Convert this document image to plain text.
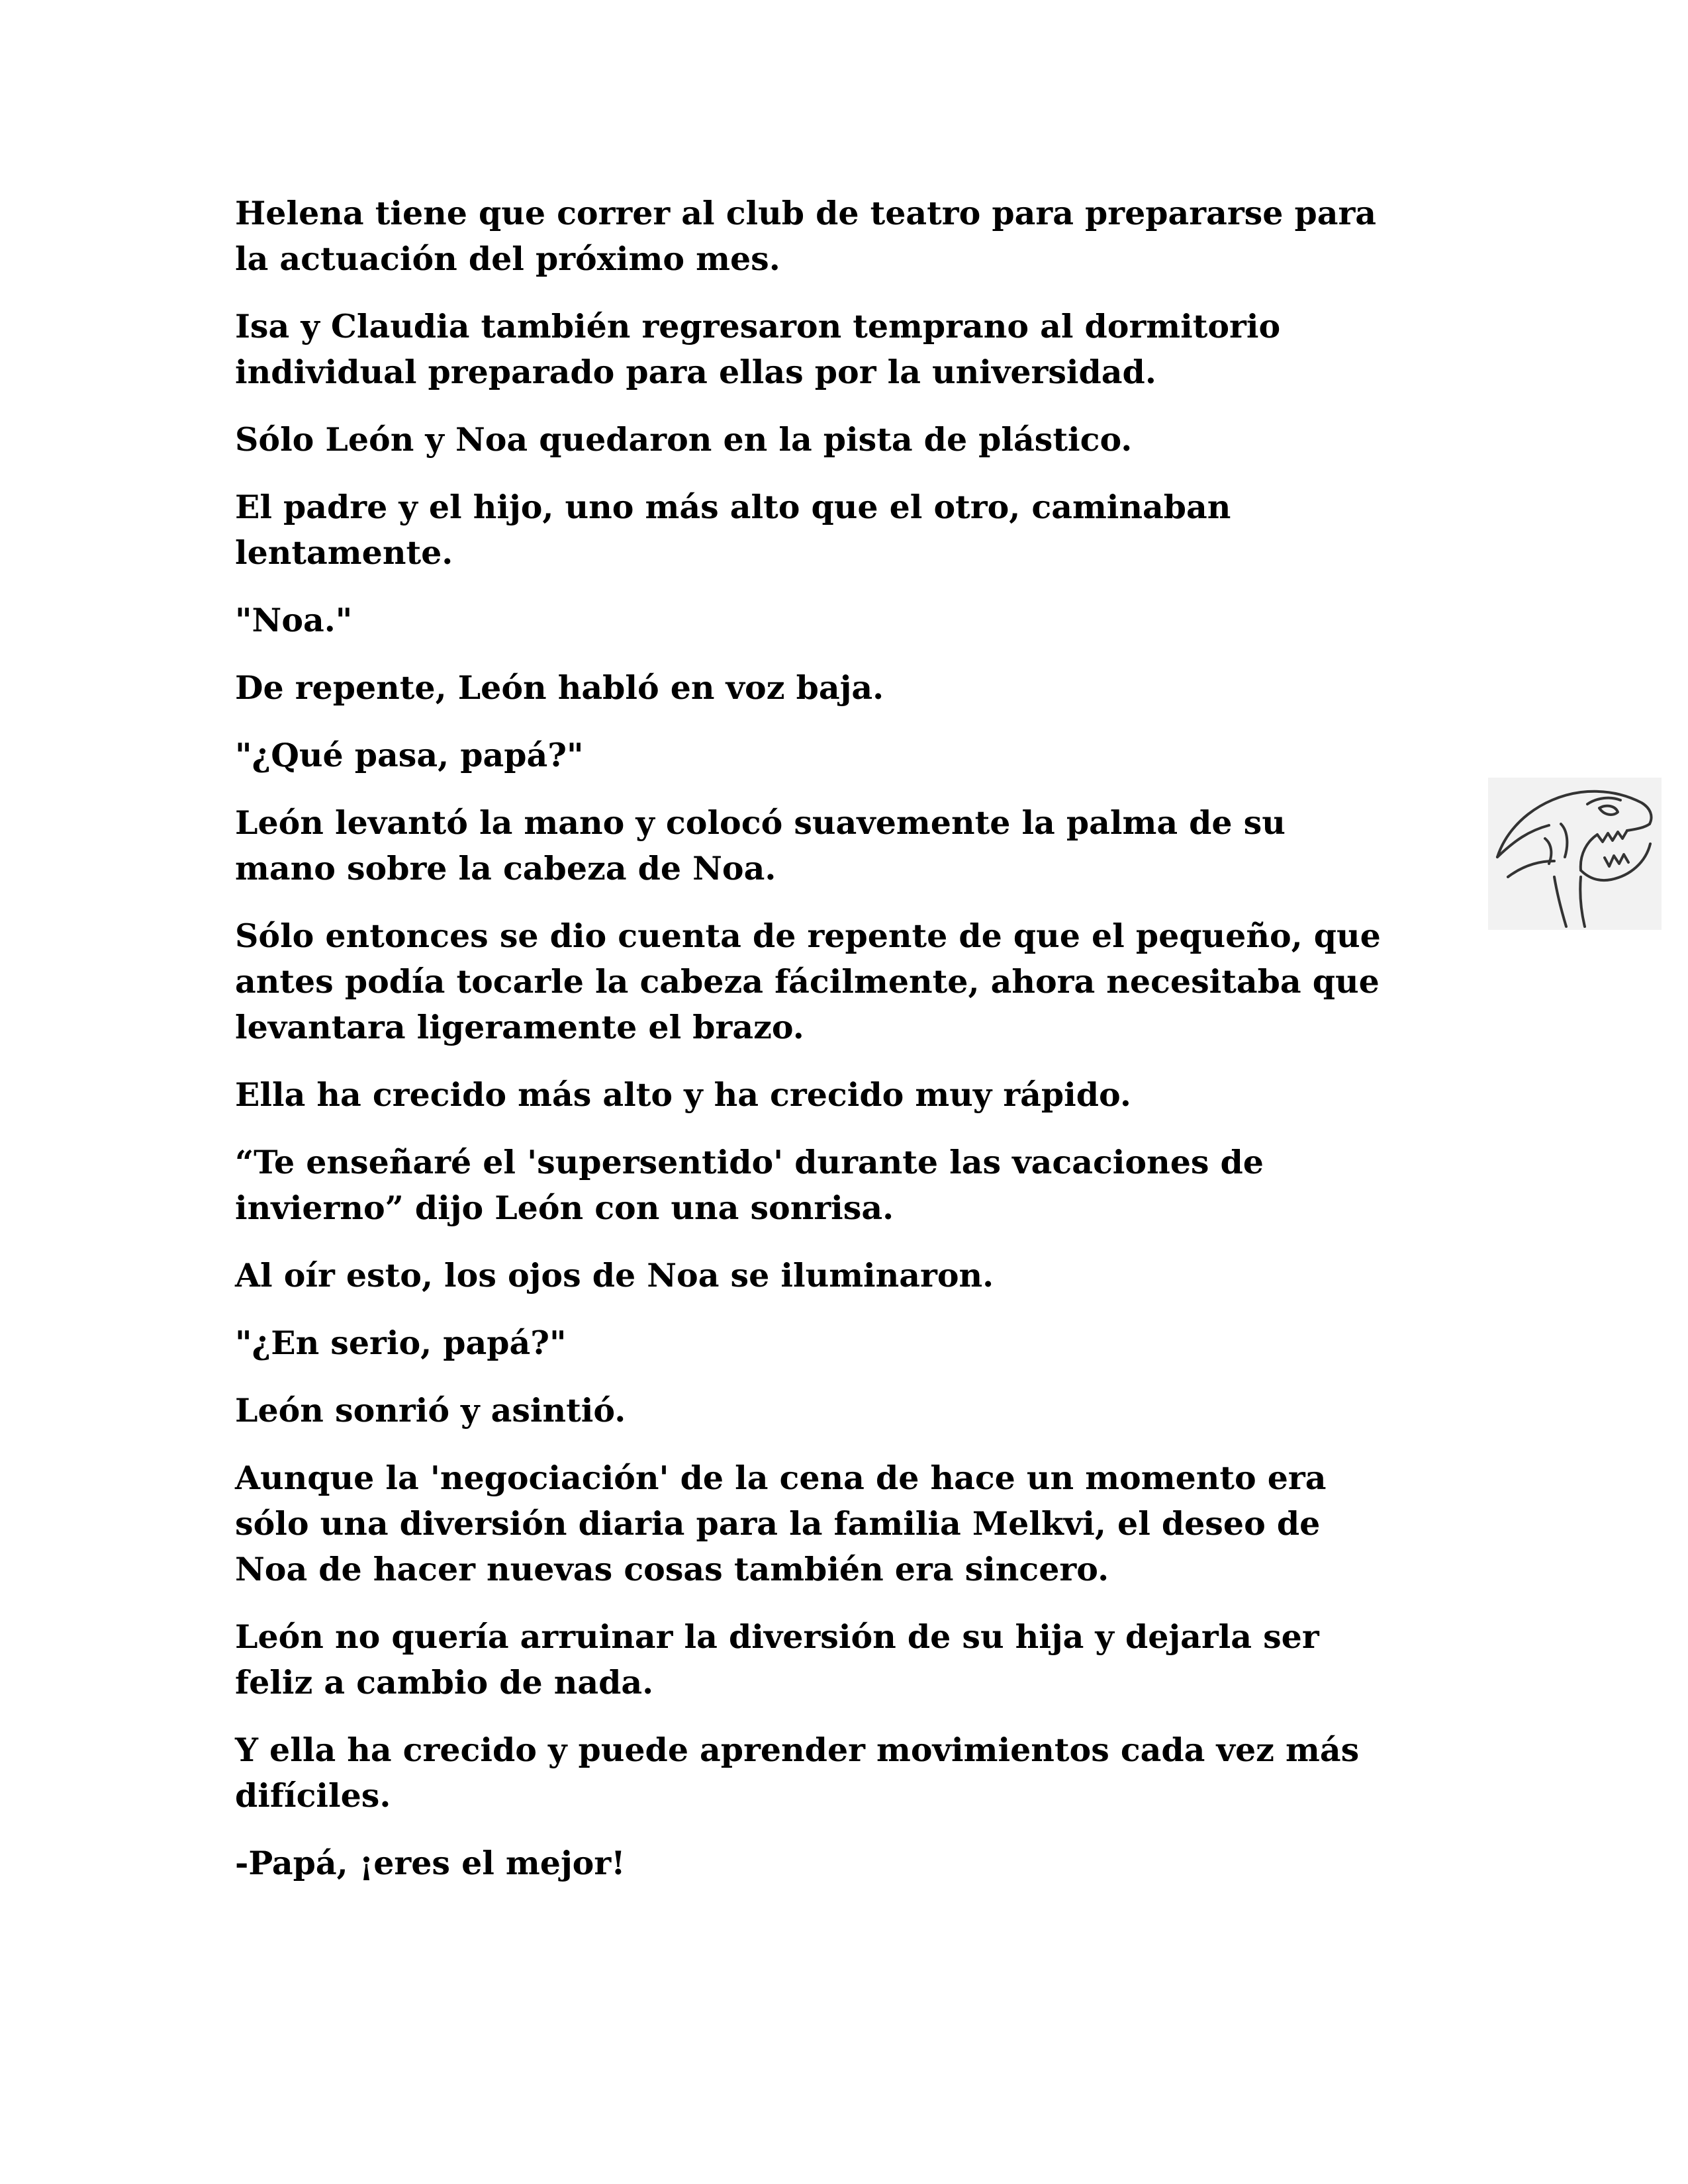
Helena tiene que correr al club de teatro para prepararse para
la actuación del próximo mes.

Isa y Claudia también regresaron temprano al dormitorio
individual preparado para ellas por la universidad.

Sólo León y Noa quedaron en la pista de plástico.

El padre y el hijo, uno más alto que el otro, caminaban
lentamente.

"Noa."

De repente, León habló en voz baja.

"¿Qué pasa, papá?"

León levantó la mano y colocó suavemente la palma de su
mano sobre la cabeza de Noa.

Sólo entonces se dio cuenta de repente de que el pequeño, que
antes podía tocarle la cabeza fácilmente, ahora necesitaba que
levantara ligeramente el brazo.

Ella ha crecido más alto y ha crecido muy rápido.

“Te enseñaré el 'supersentido' durante las vacaciones de
invierno” dijo León con una sonrisa.

Al oír esto, los ojos de Noa se iluminaron.

"¿En serio, papá?"

León sonrió y asintió.

Aunque la 'negociación' de la cena de hace un momento era
sólo una diversión diaria para la familia Melkvi, el deseo de
Noa de hacer nuevas cosas también era sincero.

León no quería arruinar la diversión de su hija y dejarla ser
feliz a cambio de nada.

Y ella ha crecido y puede aprender movimientos cada vez más
difíciles.

-Papá, ¡eres el mejor!
